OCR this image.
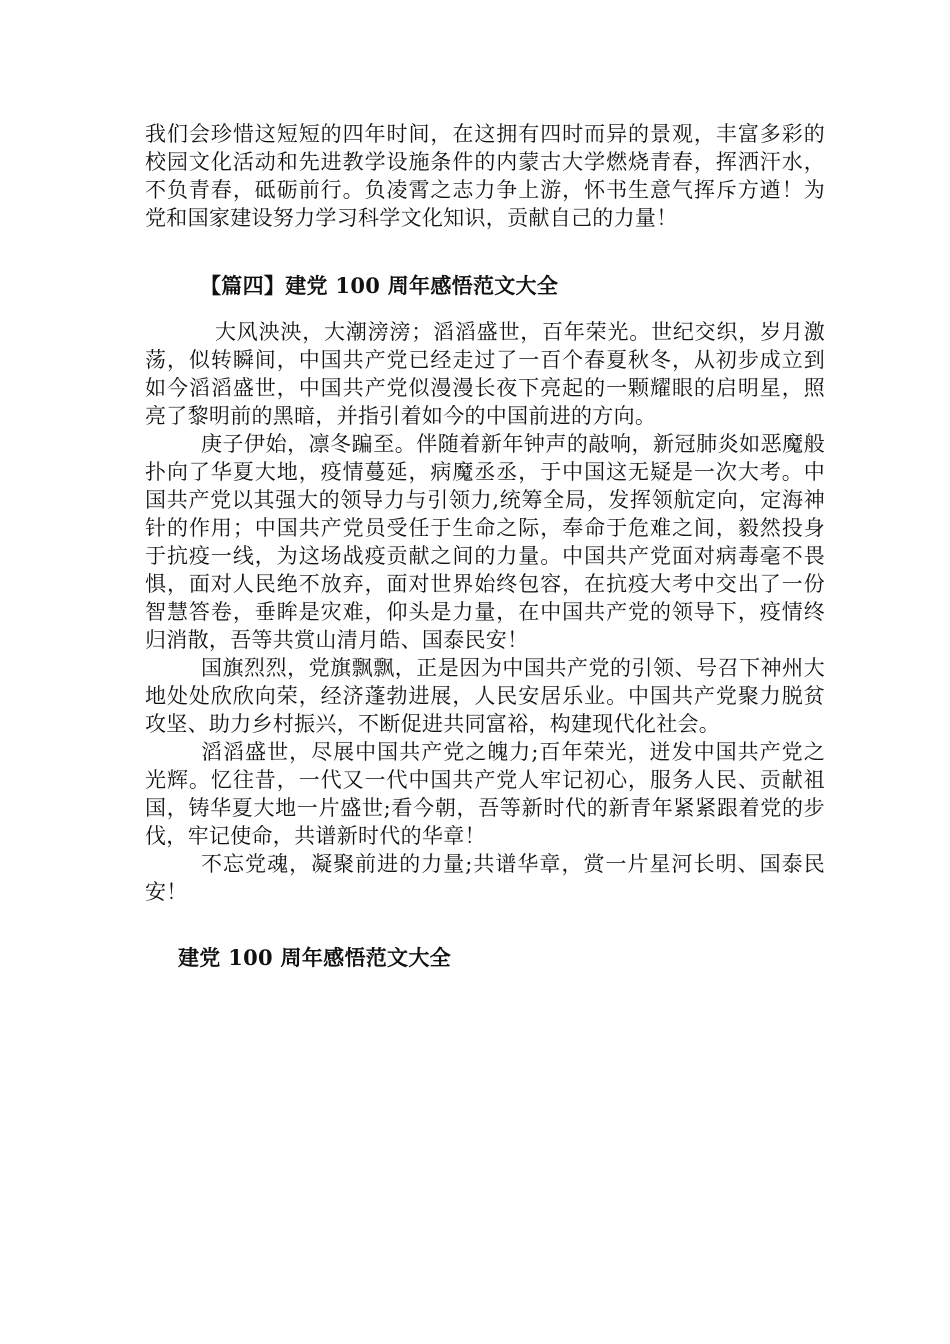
我们会珍惜这短短的四年时间，在这拥有四时而异的景观，丰富多彩的校园文化活动和先进教学设施条件的内蒙古大学燃烧青春，挥洒汗水，不负青春，砥砺前行。负凌霄之志力争上游，怀书生意气挥斥方遒！为党和国家建设努力学习科学文化知识，贡献自己的力量！

【篇四】建党 100 周年感悟范文大全

大风泱泱，大潮滂滂；滔滔盛世，百年荣光。世纪交织，岁月激荡，似转瞬间，中国共产党已经走过了一百个春夏秋冬，从初步成立到如今滔滔盛世，中国共产党似漫漫长夜下亮起的一颗耀眼的启明星，照亮了黎明前的黑暗，并指引着如今的中国前进的方向。

庚子伊始，凛冬蹁至。伴随着新年钟声的敲响，新冠肺炎如恶魔般扑向了华夏大地，疫情蔓延，病魔丞丞，于中国这无疑是一次大考。中国共产党以其强大的领导力与引领力,统筹全局，发挥领航定向，定海神针的作用；中国共产党员受任于生命之际，奉命于危难之间，毅然投身于抗疫一线，为这场战疫贡献之间的力量。中国共产党面对病毒毫不畏惧，面对人民绝不放弃，面对世界始终包容，在抗疫大考中交出了一份智慧答卷，垂眸是灾难，仰头是力量，在中国共产党的领导下，疫情终归消散，吾等共赏山清月皓、国泰民安！

国旗烈烈，党旗飘飘，正是因为中国共产党的引领、号召下神州大地处处欣欣向荣，经济蓬勃进展，人民安居乐业。中国共产党聚力脱贫攻坚、助力乡村振兴，不断促进共同富裕，构建现代化社会。

滔滔盛世，尽展中国共产党之魄力;百年荣光，迸发中国共产党之光辉。忆往昔，一代又一代中国共产党人牢记初心，服务人民、贡献祖国，铸华夏大地一片盛世;看今朝，吾等新时代的新青年紧紧跟着党的步伐，牢记使命，共谱新时代的华章！

不忘党魂，凝聚前进的力量;共谱华章，赏一片星河长明、国泰民安！

建党 100 周年感悟范文大全
